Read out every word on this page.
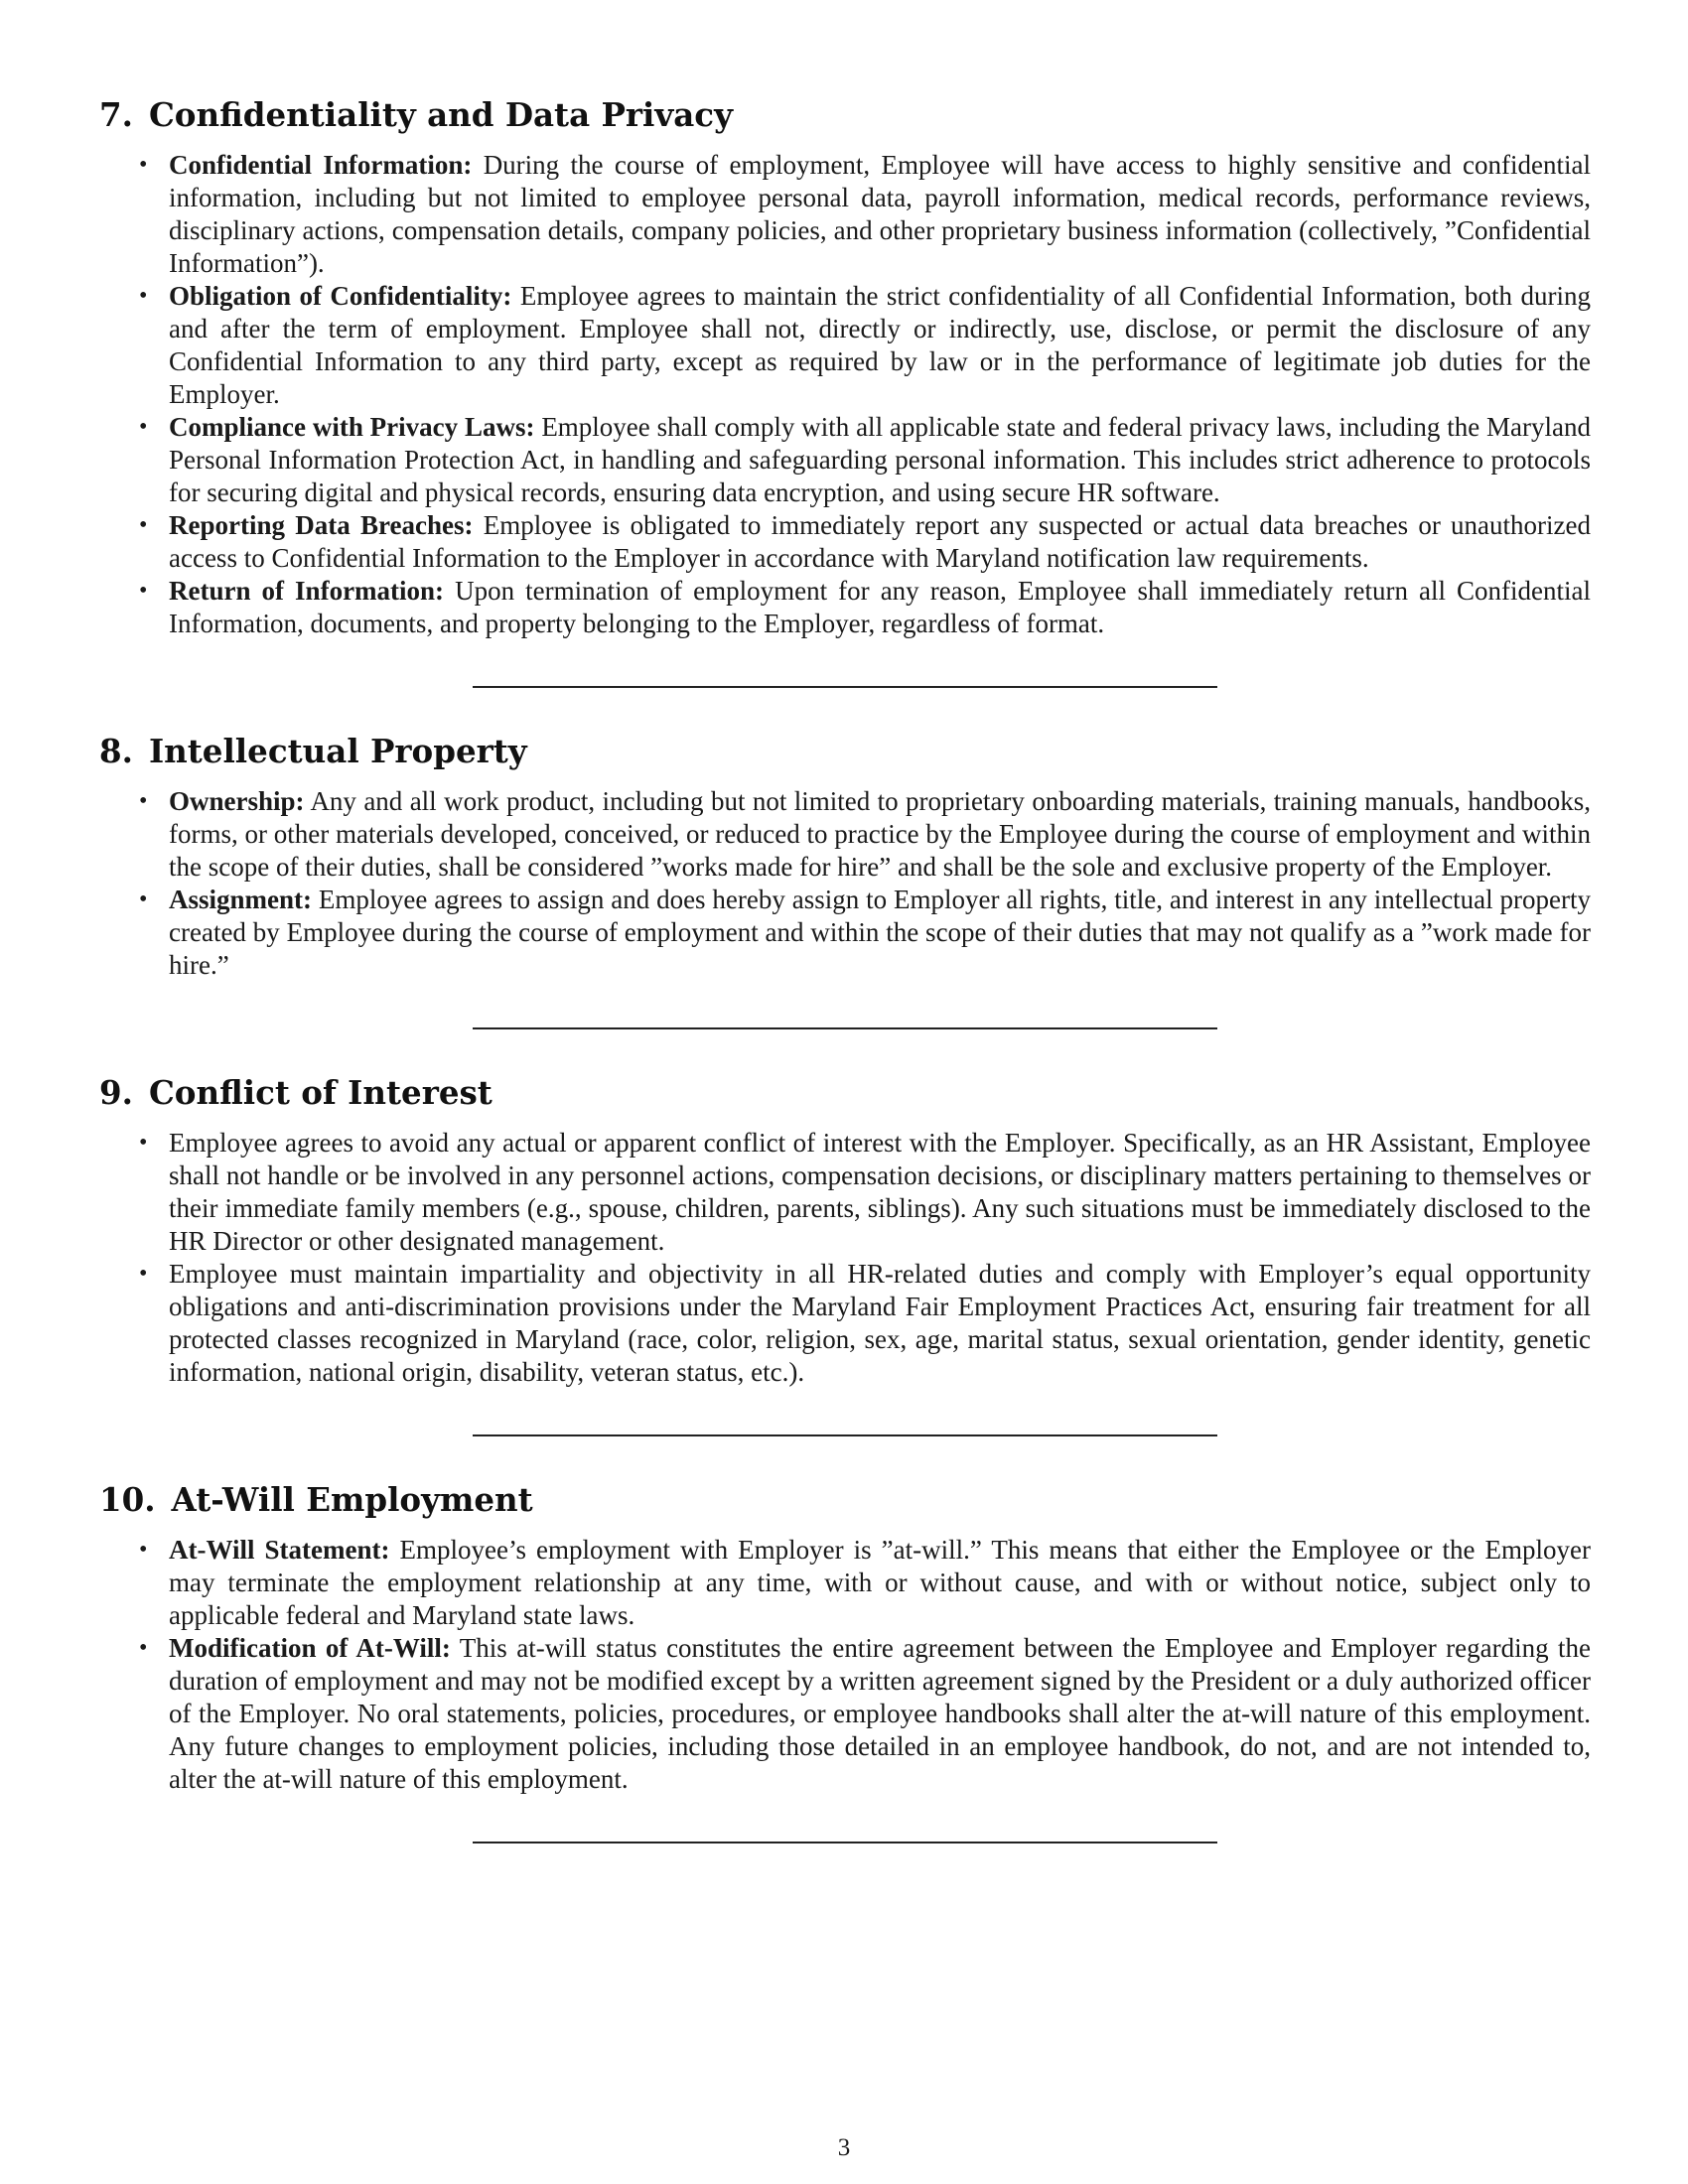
7. Confidentiality and Data Privacy
• Confidential Information: During the course of employment, Employee will have access to highly sensitive and confidential information, including but not limited to employee personal data, payroll information, medical records, performance reviews, disciplinary actions, compensation details, company policies, and other proprietary business information (collectively, ”Confidential Information”).
• Obligation of Confidentiality: Employee agrees to maintain the strict confidentiality of all Confidential Information, both during and after the term of employment. Employee shall not, directly or indirectly, use, disclose, or permit the disclosure of any Confidential Information to any third party, except as required by law or in the performance of legitimate job duties for the Employer.
• Compliance with Privacy Laws: Employee shall comply with all applicable state and federal privacy laws, including the Maryland Personal Information Protection Act, in handling and safeguarding personal information. This includes strict adherence to protocols for securing digital and physical records, ensuring data encryption, and using secure HR software.
• Reporting Data Breaches: Employee is obligated to immediately report any suspected or actual data breaches or unauthorized access to Confidential Information to the Employer in accordance with Maryland notification law requirements.
• Return of Information: Upon termination of employment for any reason, Employee shall immediately return all Confidential Information, documents, and property belonging to the Employer, regardless of format.
8. Intellectual Property
• Ownership: Any and all work product, including but not limited to proprietary onboarding materials, training manuals, handbooks, forms, or other materials developed, conceived, or reduced to practice by the Employee during the course of employment and within the scope of their duties, shall be considered ”works made for hire” and shall be the sole and exclusive property of the Employer.
• Assignment: Employee agrees to assign and does hereby assign to Employer all rights, title, and interest in any intellectual property created by Employee during the course of employment and within the scope of their duties that may not qualify as a ”work made for hire.”
9. Conflict of Interest
• Employee agrees to avoid any actual or apparent conflict of interest with the Employer. Specifically, as an HR Assistant, Employee shall not handle or be involved in any personnel actions, compensation decisions, or disciplinary matters pertaining to themselves or their immediate family members (e.g., spouse, children, parents, siblings). Any such situations must be immediately disclosed to the HR Director or other designated management.
• Employee must maintain impartiality and objectivity in all HR-related duties and comply with Employer’s equal opportunity obligations and anti-discrimination provisions under the Maryland Fair Employment Practices Act, ensuring fair treatment for all protected classes recognized in Maryland (race, color, religion, sex, age, marital status, sexual orientation, gender identity, genetic information, national origin, disability, veteran status, etc.).
10. At-Will Employment
• At-Will Statement: Employee’s employment with Employer is ”at-will.” This means that either the Employee or the Employer may terminate the employment relationship at any time, with or without cause, and with or without notice, subject only to applicable federal and Maryland state laws.
• Modification of At-Will: This at-will status constitutes the entire agreement between the Employee and Employer regarding the duration of employment and may not be modified except by a written agreement signed by the President or a duly authorized officer of the Employer. No oral statements, policies, procedures, or employee handbooks shall alter the at-will nature of this employment. Any future changes to employment policies, including those detailed in an employee handbook, do not, and are not intended to, alter the at-will nature of this employment.
3
